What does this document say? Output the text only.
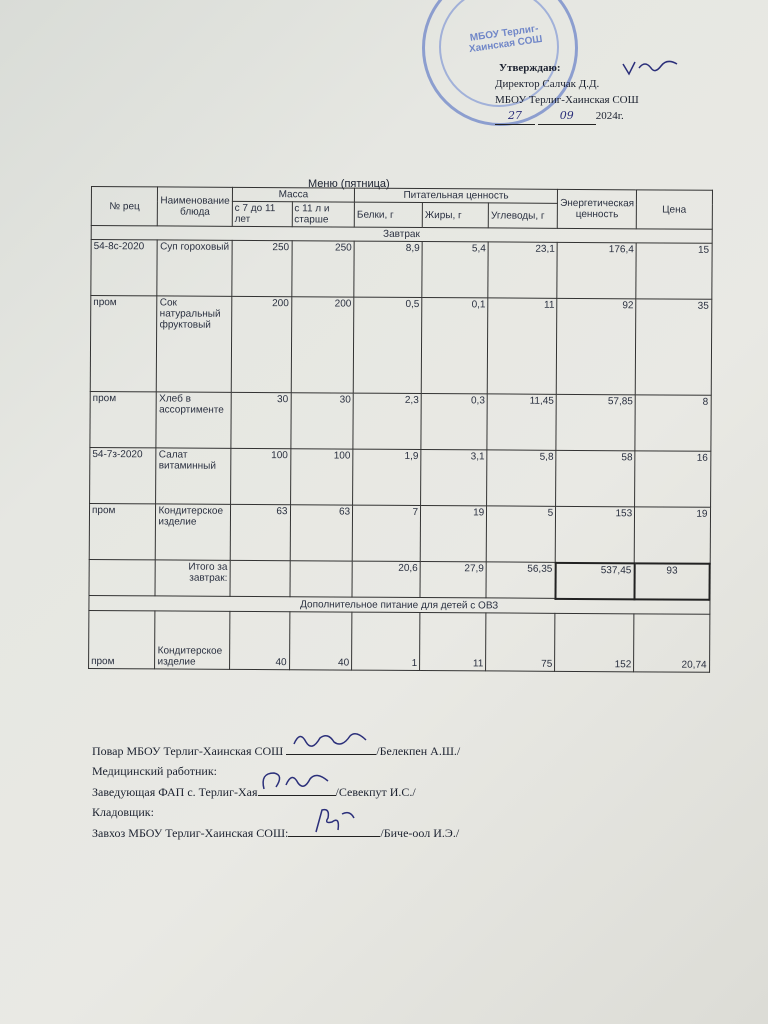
МБОУ Терлиг-Хаинская СОШ
Утверждаю:
Директор Салчак Д.Д.
МБОУ Терлиг-Хаинская СОШ
27	09 2024г.
Меню (пятница)
№ рец	Наименование блюда	Масса		Питательная ценность			Энергетическая ценность	Цена
		с 7 до 11 лет	с 11 л и старше	Белки, г	Жиры, г	Углеводы, г		
Завтрак								
54-8с-2020	Суп гороховый	250	250	8,9	5,4	23,1	176,4	15
пром	Сок натуральный фруктовый	200	200	0,5	0,1	11	92	35
пром	Хлеб в ассортименте	30	30	2,3	0,3	11,45	57,85	8
54-7з-2020	Салат витаминный	100	100	1,9	3,1	5,8	58	16
пром	Кондитерское изделие	63	63	7	19	5	153	19
	Итого за завтрак:			20,6	27,9	56,35	537,45	93
Дополнительное питание для детей с ОВЗ								
пром	Кондитерское изделие	40	40	1	11	75	152	20,74
Повар МБОУ Терлиг-Хаинская СОШ	/Белекпен А.Ш./
Медицинский работник:
Заведующая ФАП с. Терлиг-Хая	/Севекпут И.С./
Кладовщик:
Завхоз МБОУ Терлиг-Хаинская СОШ:	/Биче-оол И.Э./
